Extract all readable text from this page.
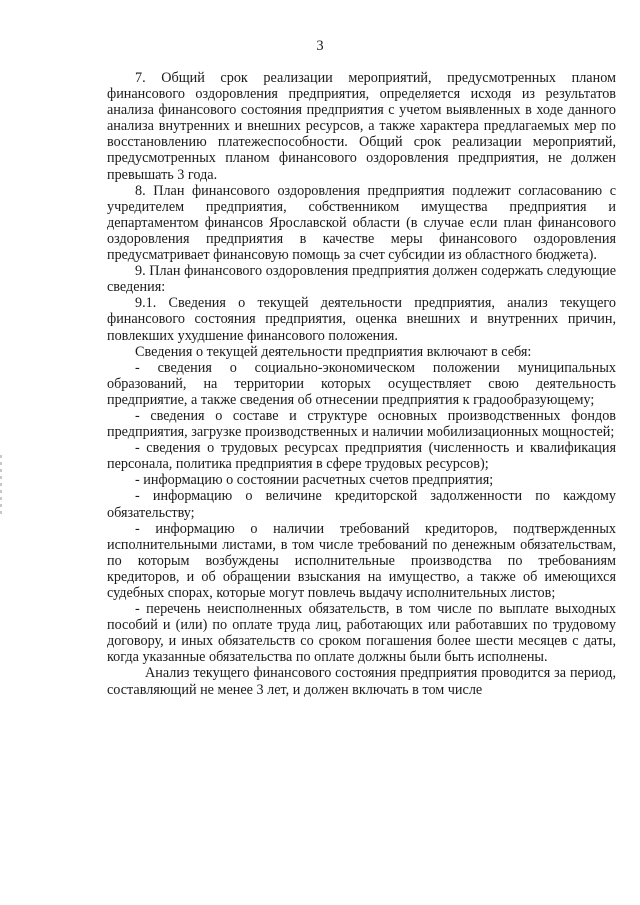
3

7. Общий срок реализации мероприятий, предусмотренных планом финансового оздоровления предприятия, определяется исходя из результатов анализа финансового состояния предприятия с учетом выявленных в ходе данного анализа внутренних и внешних ресурсов, а также характера предлагаемых мер по восстановлению платежеспособности. Общий срок реализации мероприятий, предусмотренных планом финансового оздоровления предприятия, не должен превышать 3 года.

8. План финансового оздоровления предприятия подлежит согласованию с учредителем предприятия, собственником имущества предприятия и департаментом финансов Ярославской области (в случае если план финансового оздоровления предприятия в качестве меры финансового оздоровления предусматривает финансовую помощь за счет субсидии из областного бюджета).

9. План финансового оздоровления предприятия должен содержать следующие сведения:

9.1. Сведения о текущей деятельности предприятия, анализ текущего финансового состояния предприятия, оценка внешних и внутренних причин, повлекших ухудшение финансового положения.

Сведения о текущей деятельности предприятия включают в себя:

- сведения о социально-экономическом положении муниципальных образований, на территории которых осуществляет свою деятельность предприятие, а также сведения об отнесении предприятия к градообразующему;

- сведения о составе и структуре основных производственных фондов предприятия, загрузке производственных и наличии мобилизационных мощностей;

- сведения о трудовых ресурсах предприятия (численность и квалификация персонала, политика предприятия в сфере трудовых ресурсов);

- информацию о состоянии расчетных счетов предприятия;

- информацию о величине кредиторской задолженности по каждому обязательству;

- информацию о наличии требований кредиторов, подтвержденных исполнительными листами, в том числе требований по денежным обязательствам, по которым возбуждены исполнительные производства по требованиям кредиторов, и об обращении взыскания на имущество, а также об имеющихся судебных спорах, которые могут повлечь выдачу исполнительных листов;

- перечень неисполненных обязательств, в том числе по выплате выходных пособий и (или) по оплате труда лиц, работающих или работавших по трудовому договору, и иных обязательств со сроком погашения более шести месяцев с даты, когда указанные обязательства по оплате должны были быть исполнены.

Анализ текущего финансового состояния предприятия проводится за период, составляющий не менее 3 лет, и должен включать в том числе
